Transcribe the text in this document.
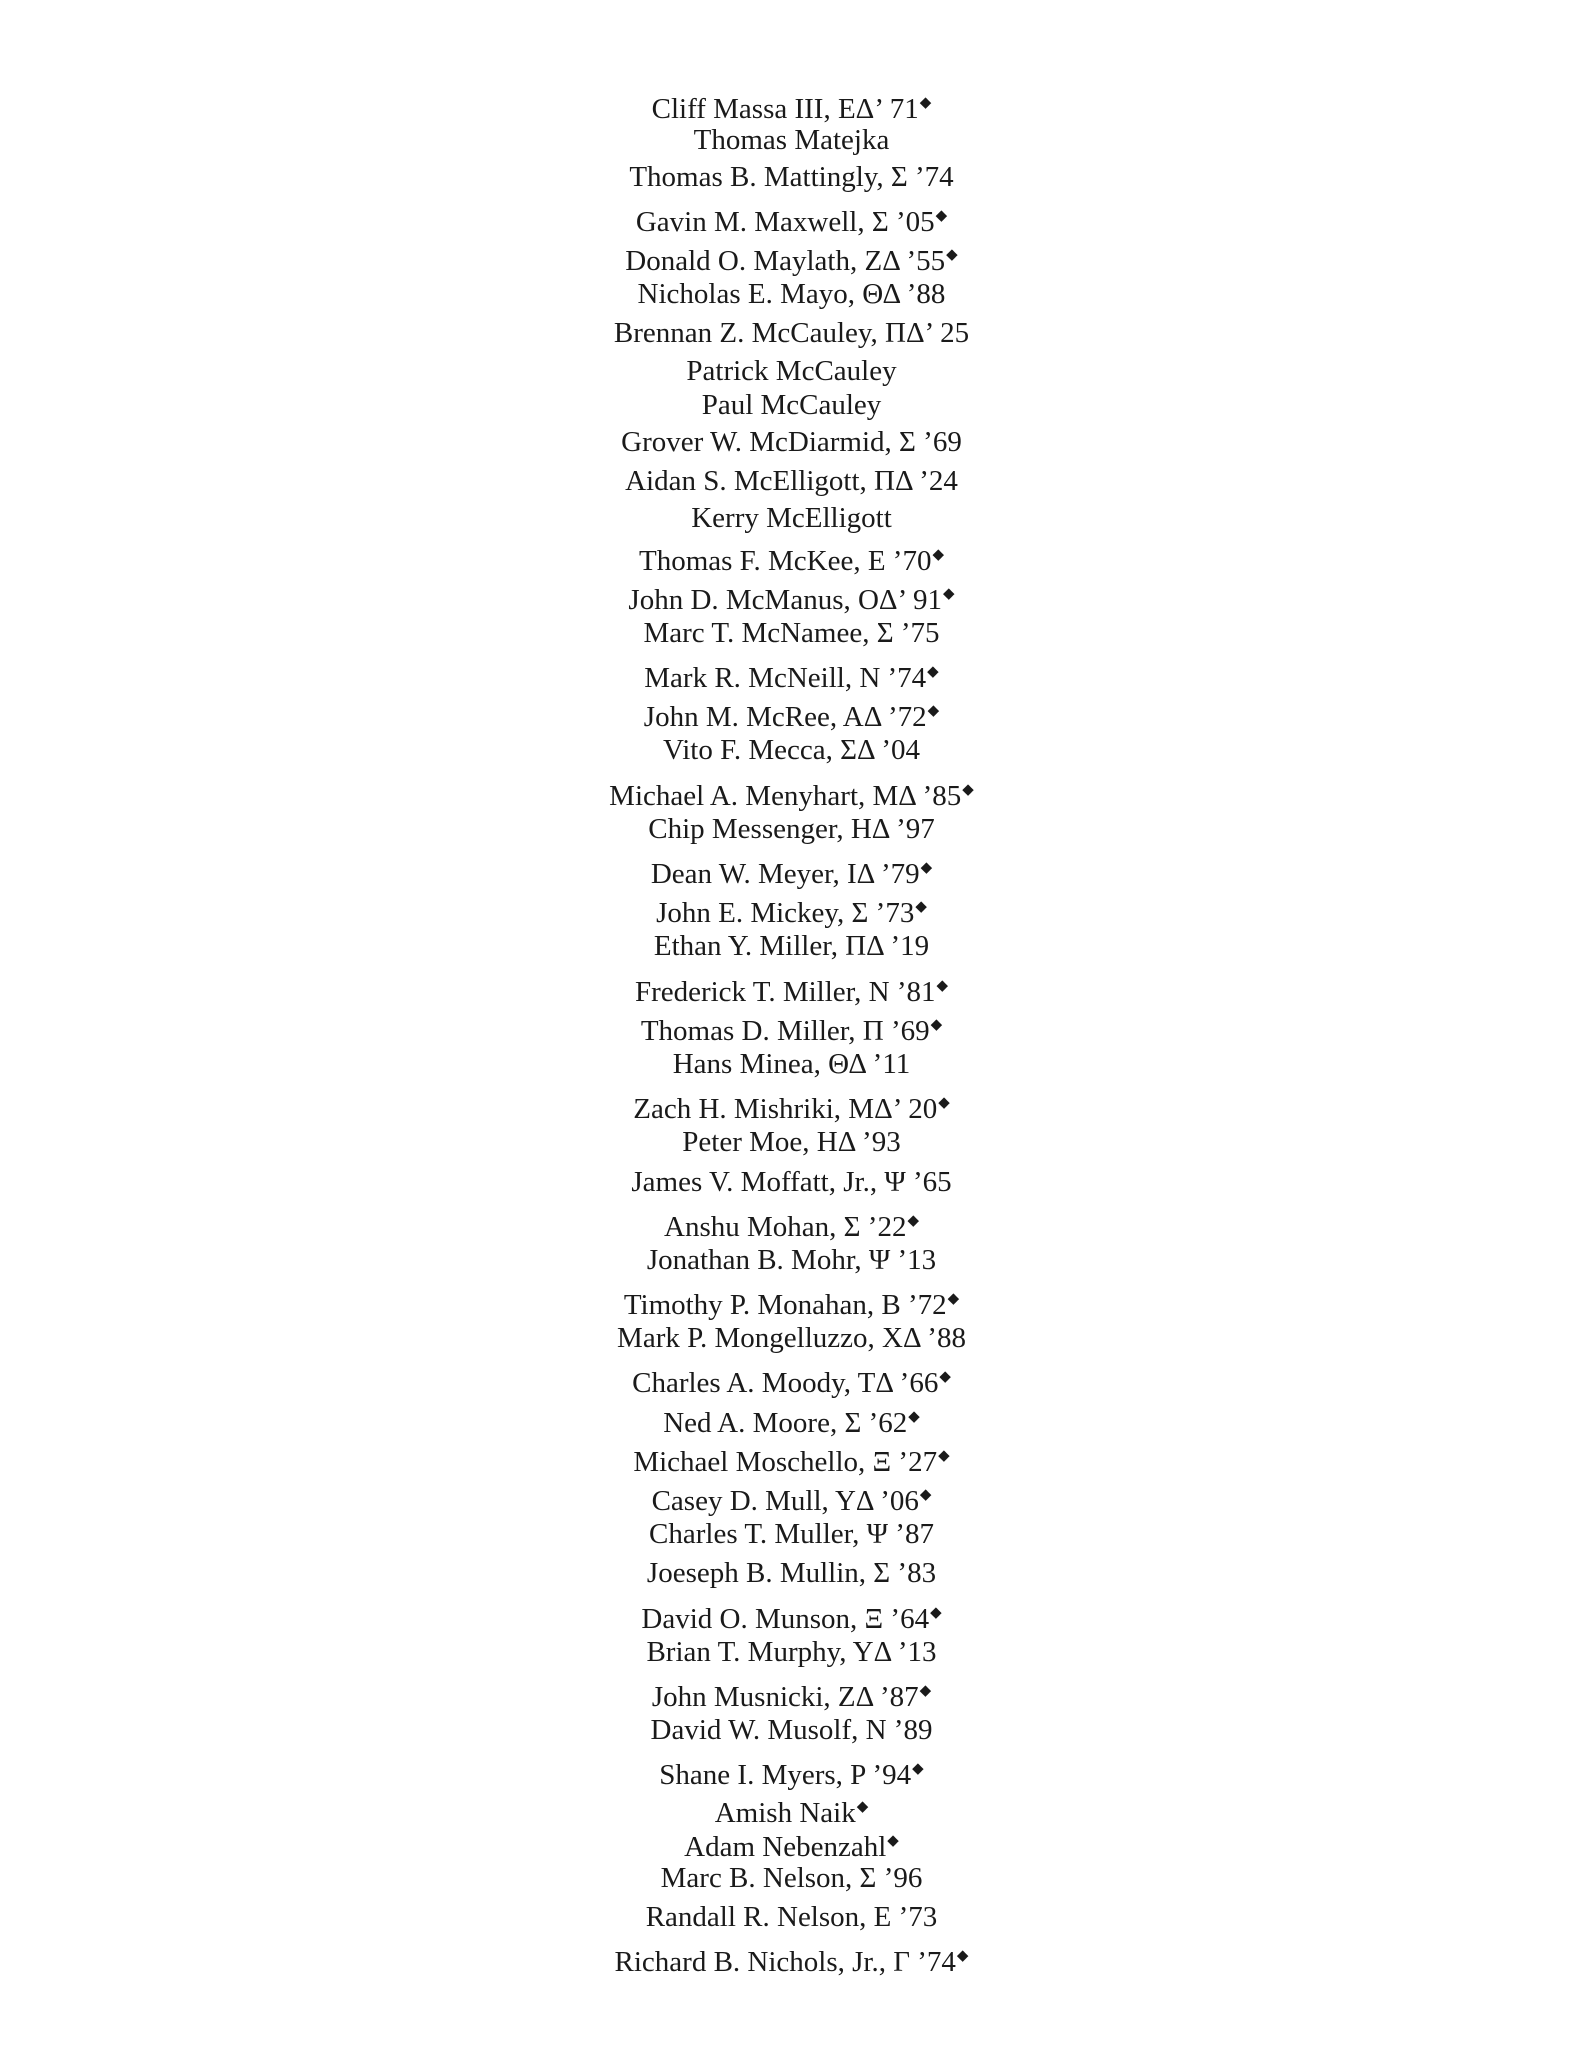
Cliff Massa III, EΔ’ 71◆
Thomas Matejka
Thomas B. Mattingly, Σ ’74
Gavin M. Maxwell, Σ ’05◆
Donald O. Maylath, ZΔ ’55◆
Nicholas E. Mayo, ΘΔ ’88
Brennan Z. McCauley, ΠΔ’ 25
Patrick McCauley
Paul McCauley
Grover W. McDiarmid, Σ ’69
Aidan S. McElligott, ΠΔ ’24
Kerry McElligott
Thomas F. McKee, E ’70◆
John D. McManus, OΔ’ 91◆
Marc T. McNamee, Σ ’75
Mark R. McNeill, N ’74◆
John M. McRee, AΔ ’72◆
Vito F. Mecca, ΣΔ ’04
Michael A. Menyhart, MΔ ’85◆
Chip Messenger, HΔ ’97
Dean W. Meyer, IΔ ’79◆
John E. Mickey, Σ ’73◆
Ethan Y. Miller, ΠΔ ’19
Frederick T. Miller, N ’81◆
Thomas D. Miller, Π ’69◆
Hans Minea, ΘΔ ’11
Zach H. Mishriki, MΔ’ 20◆
Peter Moe, HΔ ’93
James V. Moffatt, Jr., Ψ ’65
Anshu Mohan, Σ ’22◆
Jonathan B. Mohr, Ψ ’13
Timothy P. Monahan, B ’72◆
Mark P. Mongelluzzo, XΔ ’88
Charles A. Moody, TΔ ’66◆
Ned A. Moore, Σ ’62◆
Michael Moschello, Ξ ’27◆
Casey D. Mull, YΔ ’06◆
Charles T. Muller, Ψ ’87
Joeseph B. Mullin, Σ ’83
David O. Munson, Ξ ’64◆
Brian T. Murphy, YΔ ’13
John Musnicki, ZΔ ’87◆
David W. Musolf, N ’89
Shane I. Myers, P ’94◆
Amish Naik◆
Adam Nebenzahl◆
Marc B. Nelson, Σ ’96
Randall R. Nelson, E ’73
Richard B. Nichols, Jr., Γ ’74◆
